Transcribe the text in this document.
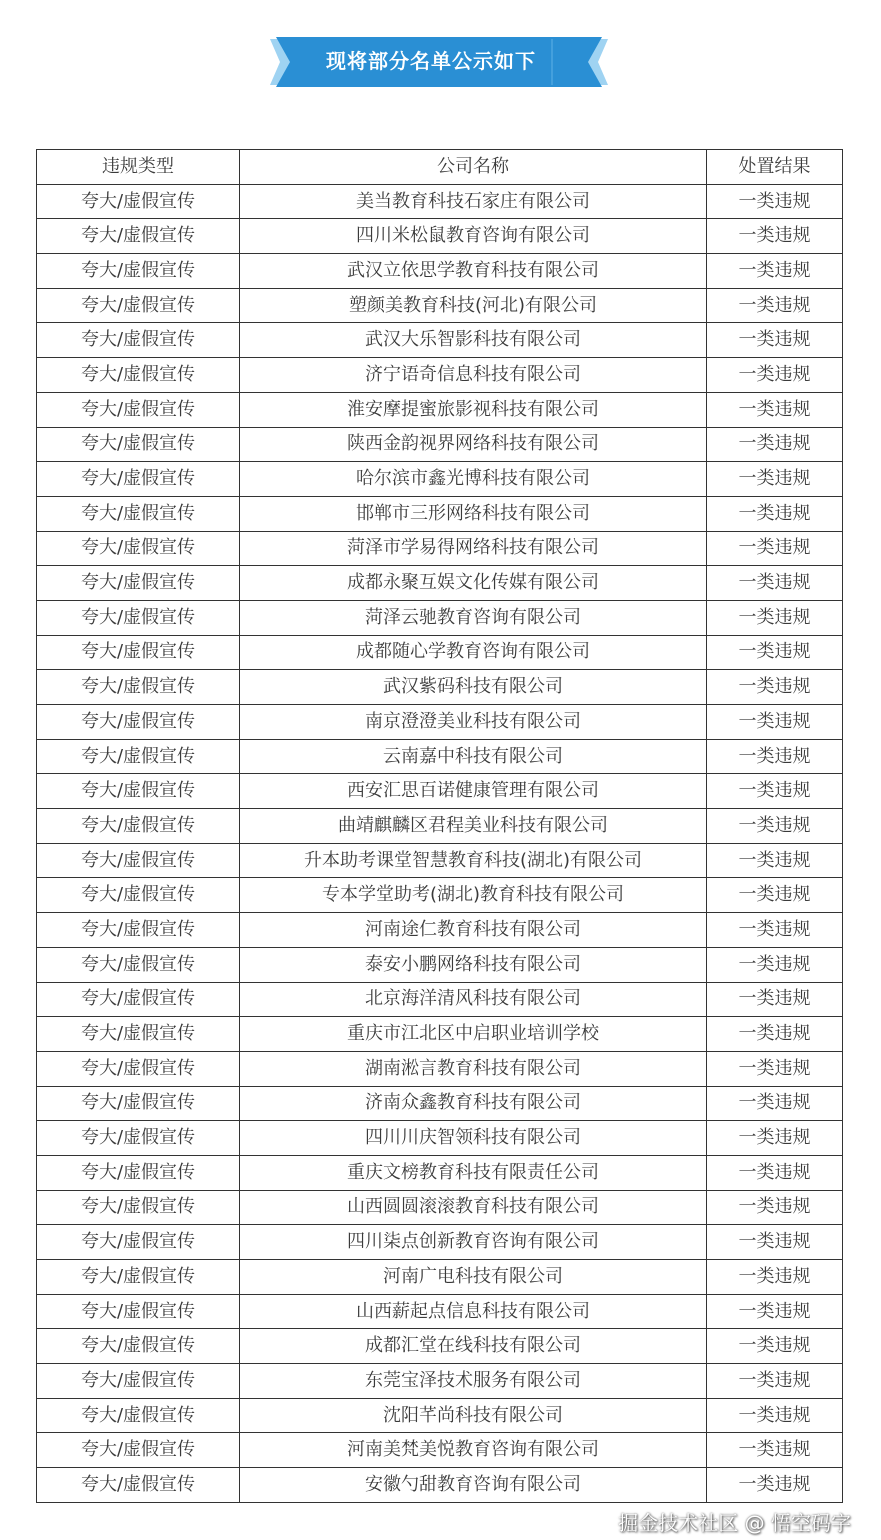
现将部分名单公示如下
违规类型	公司名称	处置结果
夸大/虚假宣传	美当教育科技石家庄有限公司	一类违规
夸大/虚假宣传	四川米松鼠教育咨询有限公司	一类违规
夸大/虚假宣传	武汉立依思学教育科技有限公司	一类违规
夸大/虚假宣传	塑颜美教育科技(河北)有限公司	一类违规
夸大/虚假宣传	武汉大乐智影科技有限公司	一类违规
夸大/虚假宣传	济宁语奇信息科技有限公司	一类违规
夸大/虚假宣传	淮安摩提蜜旅影视科技有限公司	一类违规
夸大/虚假宣传	陕西金韵视界网络科技有限公司	一类违规
夸大/虚假宣传	哈尔滨市鑫光博科技有限公司	一类违规
夸大/虚假宣传	邯郸市三形网络科技有限公司	一类违规
夸大/虚假宣传	菏泽市学易得网络科技有限公司	一类违规
夸大/虚假宣传	成都永聚互娱文化传媒有限公司	一类违规
夸大/虚假宣传	菏泽云驰教育咨询有限公司	一类违规
夸大/虚假宣传	成都随心学教育咨询有限公司	一类违规
夸大/虚假宣传	武汉紫码科技有限公司	一类违规
夸大/虚假宣传	南京澄澄美业科技有限公司	一类违规
夸大/虚假宣传	云南嘉中科技有限公司	一类违规
夸大/虚假宣传	西安汇思百诺健康管理有限公司	一类违规
夸大/虚假宣传	曲靖麒麟区君程美业科技有限公司	一类违规
夸大/虚假宣传	升本助考课堂智慧教育科技(湖北)有限公司	一类违规
夸大/虚假宣传	专本学堂助考(湖北)教育科技有限公司	一类违规
夸大/虚假宣传	河南途仁教育科技有限公司	一类违规
夸大/虚假宣传	泰安小鹏网络科技有限公司	一类违规
夸大/虚假宣传	北京海洋清风科技有限公司	一类违规
夸大/虚假宣传	重庆市江北区中启职业培训学校	一类违规
夸大/虚假宣传	湖南淞言教育科技有限公司	一类违规
夸大/虚假宣传	济南众鑫教育科技有限公司	一类违规
夸大/虚假宣传	四川川庆智领科技有限公司	一类违规
夸大/虚假宣传	重庆文榜教育科技有限责任公司	一类违规
夸大/虚假宣传	山西圆圆滚滚教育科技有限公司	一类违规
夸大/虚假宣传	四川柒点创新教育咨询有限公司	一类违规
夸大/虚假宣传	河南广电科技有限公司	一类违规
夸大/虚假宣传	山西薪起点信息科技有限公司	一类违规
夸大/虚假宣传	成都汇堂在线科技有限公司	一类违规
夸大/虚假宣传	东莞宝泽技术服务有限公司	一类违规
夸大/虚假宣传	沈阳芊尚科技有限公司	一类违规
夸大/虚假宣传	河南美梵美悦教育咨询有限公司	一类违规
夸大/虚假宣传	安徽勺甜教育咨询有限公司	一类违规
掘金技术社区 @ 悟空码字
